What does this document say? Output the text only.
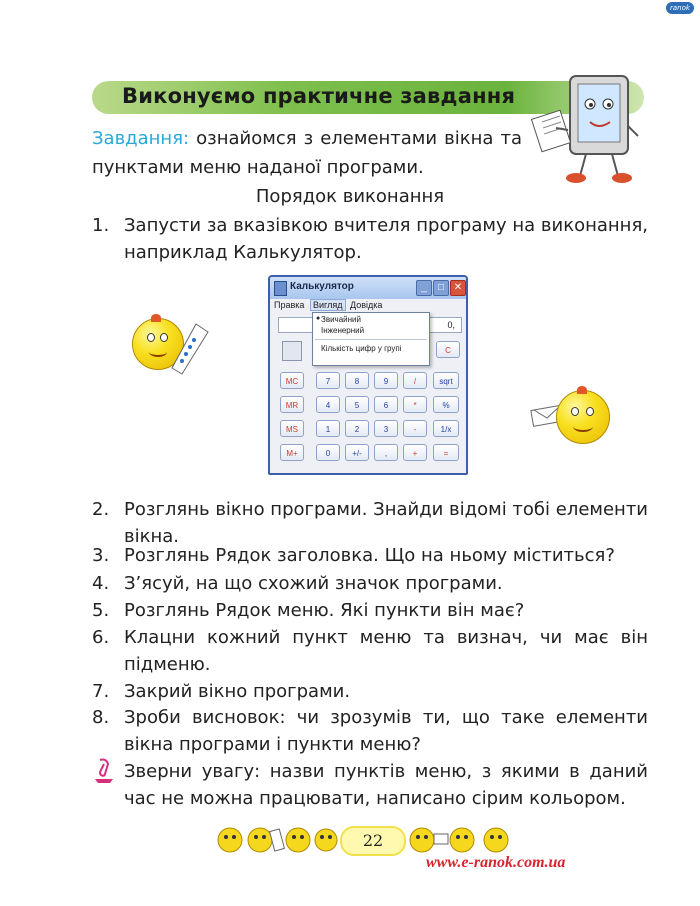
ranok
Виконуємо практичне завдання
Завдання: ознайомся з елементами вікна та пунктами меню наданої програми.
Порядок виконання
1. Запусти за вказівкою вчителя програму на виконання, наприклад Калькулятор.
Калькулятор	_	□ ✕
Правка Вигляд Довідка
0,
C
● Звичайний
Інженерний
Кількість цифр у групі
MC	7	8	9	/	sqrt
MR	4	5	6	*	%
MS	1	2	3	-	1/x
M+	0	+/-	,	+	=
2. Розглянь вікно програми. Знайди відомі тобі елементи вікна.
3. Розглянь Рядок заголовка. Що на ньому міститься?
4. З’ясуй, на що схожий значок програми.
5. Розглянь Рядок меню. Які пункти він має?
6. Клацни кожний пункт меню та визнач, чи має він підменю.
7. Закрий вікно програми.
8. Зроби висновок: чи зрозумів ти, що таке елементи вікна програми і пункти меню?
Зверни увагу: назви пунктів меню, з якими в даний час не можна працювати, написано сірим кольором.
22
www.e-ranok.com.ua
